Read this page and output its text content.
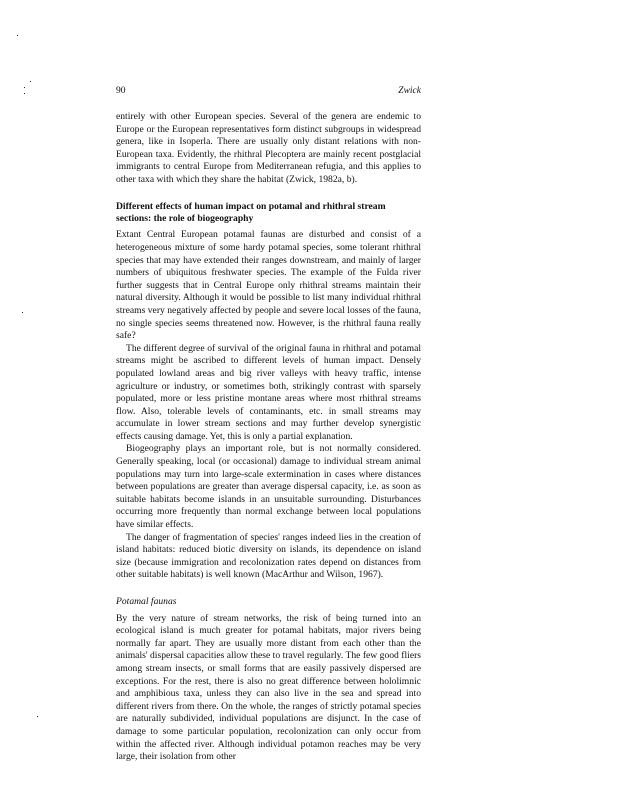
90	Zwick

entirely with other European species. Several of the genera are endemic to Europe or the European representatives form distinct subgroups in widespread genera, like in Isoperla. There are usually only distant relations with non-European taxa. Evidently, the rhithral Plecoptera are mainly recent postglacial immigrants to central Europe from Mediterranean refugia, and this applies to other taxa with which they share the habitat (Zwick, 1982a, b).

Different effects of human impact on potamal and rhithral stream sections: the role of biogeography

Extant Central European potamal faunas are disturbed and consist of a heterogeneous mixture of some hardy potamal species, some tolerant rhithral species that may have extended their ranges downstream, and mainly of larger numbers of ubiquitous freshwater species. The example of the Fulda river further suggests that in Central Europe only rhithral streams maintain their natural diversity. Although it would be possible to list many individual rhithral streams very negatively affected by people and severe local losses of the fauna, no single species seems threatened now. However, is the rhithral fauna really safe?

The different degree of survival of the original fauna in rhithral and potamal streams might be ascribed to different levels of human impact. Densely populated lowland areas and big river valleys with heavy traffic, intense agriculture or industry, or sometimes both, strikingly contrast with sparsely populated, more or less pristine montane areas where most rhithral streams flow. Also, tolerable levels of contaminants, etc. in small streams may accumulate in lower stream sections and may further develop synergistic effects causing damage. Yet, this is only a partial explanation.

Biogeography plays an important role, but is not normally considered. Generally speaking, local (or occasional) damage to individual stream animal populations may turn into large-scale extermination in cases where distances between populations are greater than average dispersal capacity, i.e. as soon as suitable habitats become islands in an unsuitable surrounding. Disturbances occurring more frequently than normal exchange between local populations have similar effects.

The danger of fragmentation of species' ranges indeed lies in the creation of island habitats: reduced biotic diversity on islands, its dependence on island size (because immigration and recolonization rates depend on distances from other suitable habitats) is well known (MacArthur and Wilson, 1967).

Potamal faunas

By the very nature of stream networks, the risk of being turned into an ecological island is much greater for potamal habitats, major rivers being normally far apart. They are usually more distant from each other than the animals' dispersal capacities allow these to travel regularly. The few good fliers among stream insects, or small forms that are easily passively dispersed are exceptions. For the rest, there is also no great difference between hololimnic and amphibious taxa, unless they can also live in the sea and spread into different rivers from there. On the whole, the ranges of strictly potamal species are naturally subdivided, individual populations are disjunct. In the case of damage to some particular population, recolonization can only occur from within the affected river. Although individual potamon reaches may be very large, their isolation from other
